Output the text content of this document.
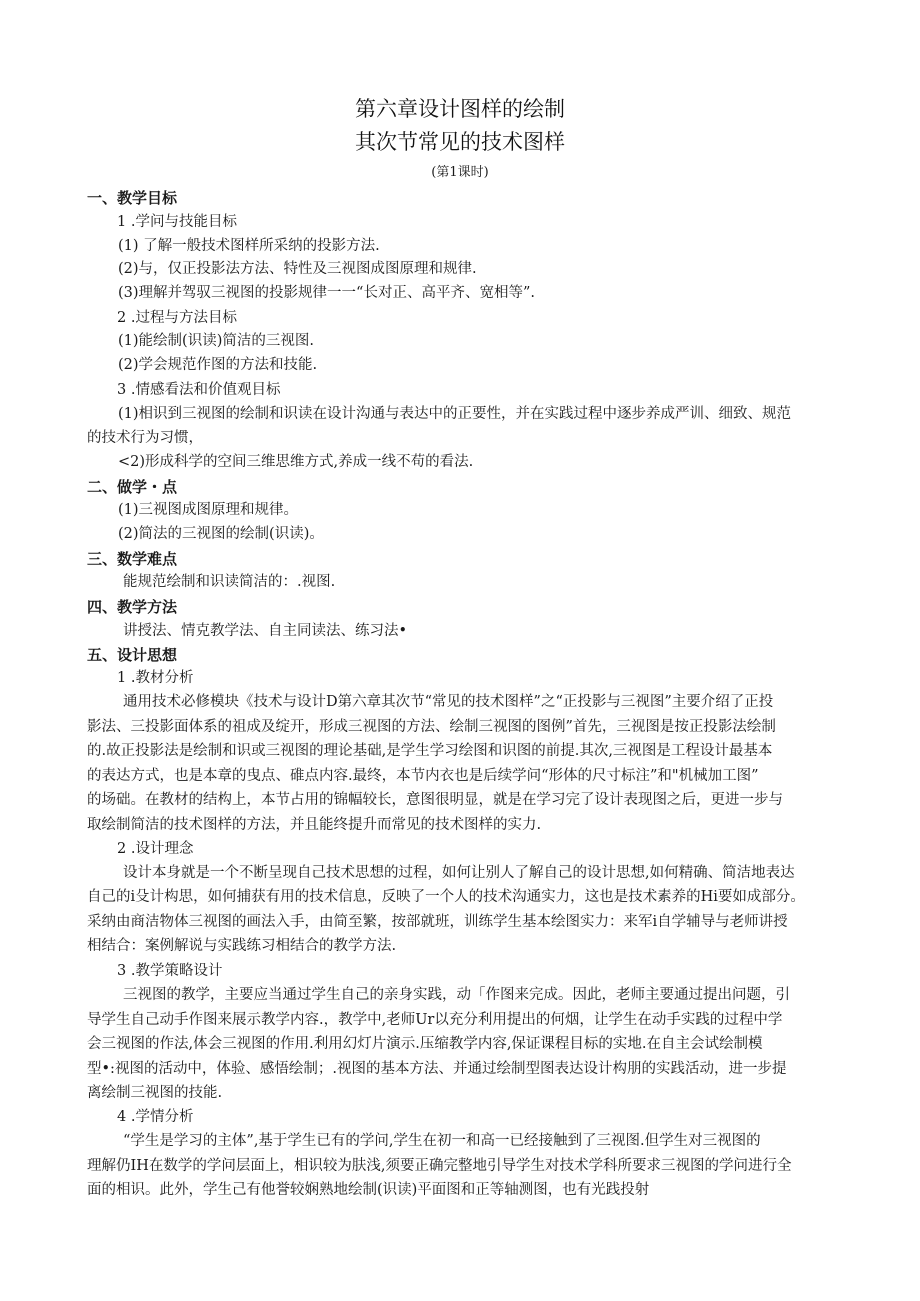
第六章设计图样的绘制
其次节常见的技术图样
(第1课时)
一、教学目标
1 .学问与技能目标
(1) 了解一般技术图样所采纳的投影方法.
(2)与，仅正投影法方法、特性及三视图成图原理和规律.
(3)理解并驾驭三视图的投影规律一一“长对正、高平齐、宽相等”.
2 .过程与方法目标
(1)能绘制(识读)简洁的三视图.
(2)学会规范作图的方法和技能.
3 .情感看法和价值观目标
(1)相识到三视图的绘制和识读在设计沟通与表达中的正要性，并在实践过程中逐步养成严训、细致、规范
的技术行为习惯，
<2)形成科学的空间三维思维方式,养成一线不苟的看法.
二、做学・点
(1)三视图成图原理和规律。
(2)简法的三视图的绘制(识读)。
三、数学难点
能规范绘制和识读简洁的：.视图.
四、教学方法
讲授法、情克教学法、自主同读法、练习法•
五、设计思想
1 .教材分析
通用技术必修模块《技术与设计D第六章其次节“常见的技术图样”之“正投影与三视图”主要介绍了正投
影法、三投影面体系的祖成及绽开，形成三视图的方法、绘制三视图的图例”首先，三视图是按正投影法绘制
的.故正投影法是绘制和识或三视图的理论基础,是学生学习绘图和识图的前提.其次,三视图是工程设计最基本
的表达方式，也是本章的曳点、碓点内容.最终，本节内衣也是后续学问“形体的尺寸标注”和"机械加工图”
的场础。在教材的结构上，本节占用的锦幅较长，意图很明显，就是在学习完了设计表现图之后，更进一步与
取绘制简洁的技术图样的方法，并且能终提升而常见的技术图样的实力.
2 .设计理念
设计本身就是一个不断呈现自己技术思想的过程，如何让别人了解自己的设计思想,如何精确、简洁地表达
自己的i殳计构思，如何捕获有用的技术信息，反映了一个人的技术沟通实力，这也是技术素养的Hi要如成部分。
采纳由商洁物体三视图的画法入手，由简至繁，按部就班，训练学生基本绘图实力：来军i自学辅导与老师讲授
相结合：案例解说与实践练习相结合的教学方法.
3 .教学策略设计
三视图的教学，主要应当通过学生自己的亲身实践，动「作图来完成。因此，老师主要通过提出问题，引
导学生自己动手作图来展示教学内容.，教学中,老师Ur以充分利用提出的何烟，让学生在动手实践的过程中学
会三视图的作法,体会三视图的作用.利用幻灯片演示.压缩教学内容,保证课程目标的实地.在自主会试绘制模
型•:视图的活动中，体验、感悟绘制；.视图的基本方法、并通过绘制型图表达设计构朋的实践活动，进一步提
离绘制三视图的技能.
4 .学情分析
“学生是学习的主体”,基于学生已有的学问,学生在初一和高一已经接触到了三视图.但学生对三视图的
理解仍IH在数学的学问层面上，相识较为肤浅,须要正确完整地引导学生对技术学科所要求三视图的学问进行全
面的相识。此外，学生己有他誉较娴熟地绘制(识读)平面图和正等轴测图，也有光践投射
